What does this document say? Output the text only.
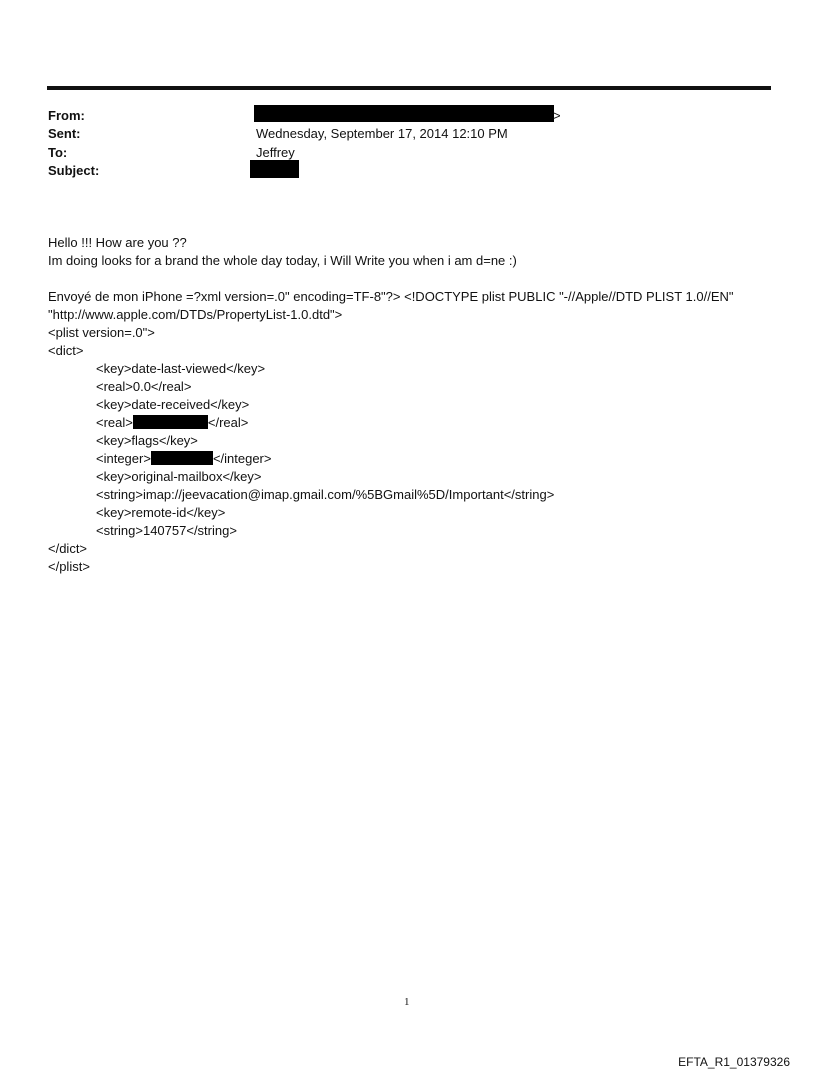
From:
Sent:
To:
Subject:
>
Wednesday, September 17, 2014 12:10 PM
Jeffrey
Hello !!! How are you ??
Im doing looks for a brand the whole day today, i Will Write you when i am d=ne :)
Envoyé de mon iPhone =?xml version=.0" encoding=TF-8"?> <!DOCTYPE plist PUBLIC "-//Apple//DTD PLIST 1.0//EN"
"http://www.apple.com/DTDs/PropertyList-1.0.dtd">
<plist version=.0">
<dict>
<key>date-last-viewed</key>
<real>0.0</real>
<key>date-received</key>
<real>	</real>
<key>flags</key>
<integer>	</integer>
<key>original-mailbox</key>
<string>imap://jeevacation@imap.gmail.com/%5BGmail%5D/Important</string>
<key>remote-id</key>
<string>140757</string>
</dict>
</plist>
1
EFTA_R1_01379326
